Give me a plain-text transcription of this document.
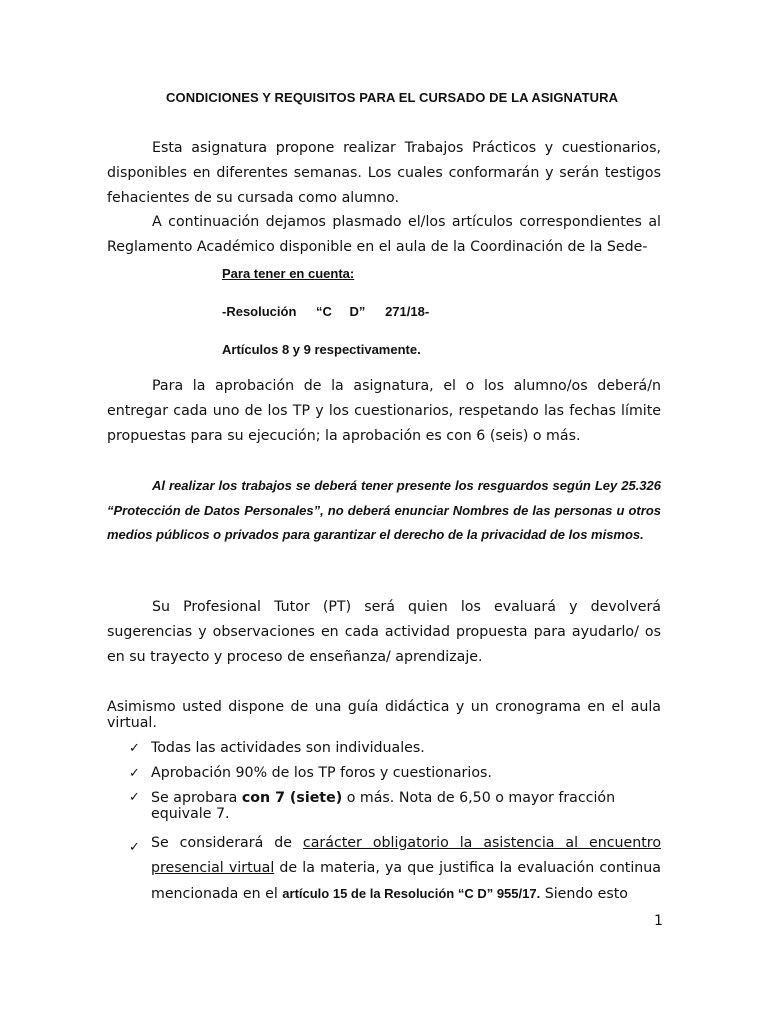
CONDICIONES Y REQUISITOS PARA EL CURSADO DE LA ASIGNATURA

Esta asignatura propone realizar Trabajos Prácticos y cuestionarios, disponibles en diferentes semanas. Los cuales conformarán y serán testigos fehacientes de su cursada como alumno.

A continuación dejamos plasmado el/los artículos correspondientes al Reglamento Académico disponible en el aula de la Coordinación de la Sede-

Para tener en cuenta:
-Resolución “C D” 271/18-
Artículos 8 y 9 respectivamente.

Para la aprobación de la asignatura, el o los alumno/os deberá/n entregar cada uno de los TP y los cuestionarios, respetando las fechas límite propuestas para su ejecución; la aprobación es con 6 (seis) o más.

Al realizar los trabajos se deberá tener presente los resguardos según Ley 25.326 “Protección de Datos Personales”, no deberá enunciar Nombres de las personas u otros medios públicos o privados para garantizar el derecho de la privacidad de los mismos.

Su Profesional Tutor (PT) será quien los evaluará y devolverá sugerencias y observaciones en cada actividad propuesta para ayudarlo/ os en su trayecto y proceso de enseñanza/ aprendizaje.

Asimismo usted dispone de una guía didáctica y un cronograma en el aula virtual.

✓ Todas las actividades son individuales.
✓ Aprobación 90% de los TP foros y cuestionarios.
✓ Se aprobara con 7 (siete) o más. Nota de 6,50 o mayor fracción equivale 7.
✓ Se considerará de carácter obligatorio la asistencia al encuentro presencial virtual de la materia, ya que justifica la evaluación continua mencionada en el artículo 15 de la Resolución “C D” 955/17. Siendo esto
1
